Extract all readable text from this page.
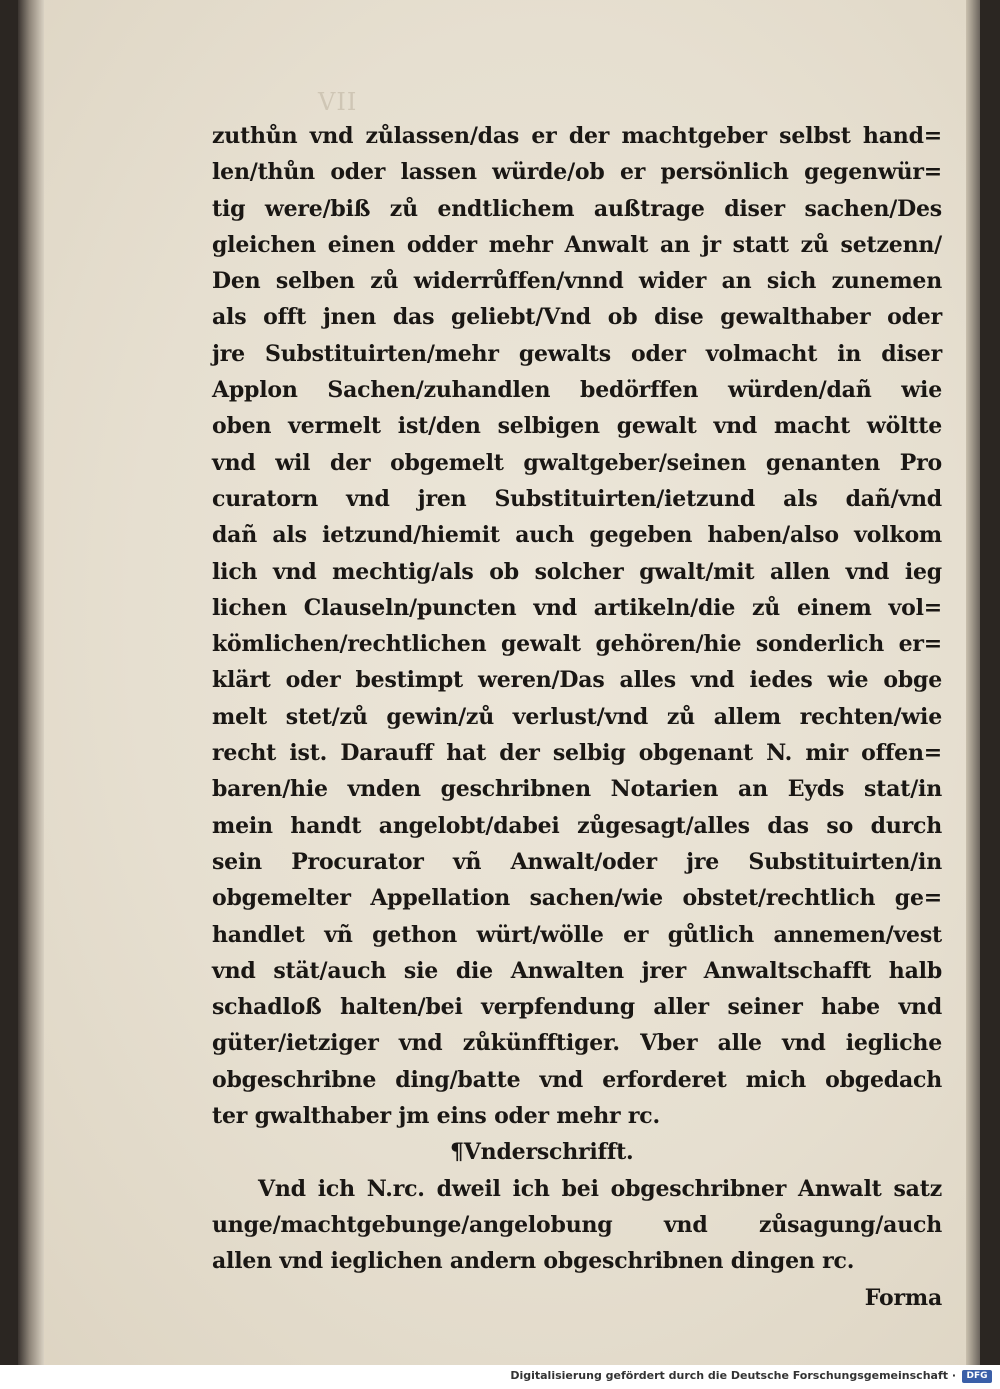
VII
zuthůn vnd zůlassen/das er der machtgeber selbst hand=
len/thůn oder lassen würde/ob er persönlich gegenwür=
tig were/biß zů endtlichem außtrage diser sachen/Des
gleichen einen odder mehr Anwalt an jr statt zů setzenn/
Den selben zů widerrůffen/vnnd wider an sich zunemen
als offt jnen das geliebt/Vnd ob dise gewalthaber oder
jre Substituirten/mehr gewalts oder volmacht in diser
Applon Sachen/zuhandlen bedörffen würden/dañ wie
oben vermelt ist/den selbigen gewalt vnd macht wöltte
vnd wil der obgemelt gwaltgeber/seinen genanten Pro
curatorn vnd jren Substituirten/ietzund als dañ/vnd
dañ als ietzund/hiemit auch gegeben haben/also volkom
lich vnd mechtig/als ob solcher gwalt/mit allen vnd ieg
lichen Clauseln/puncten vnd artikeln/die zů einem vol=
kömlichen/rechtlichen gewalt gehören/hie sonderlich er=
klärt oder bestimpt weren/Das alles vnd iedes wie obge
melt stet/zů gewin/zů verlust/vnd zů allem rechten/wie
recht ist. Darauff hat der selbig obgenant N. mir offen=
baren/hie vnden geschribnen Notarien an Eyds stat/in
mein handt angelobt/dabei zůgesagt/alles das so durch
sein Procurator vñ Anwalt/oder jre Substituirten/in
obgemelter Appellation sachen/wie obstet/rechtlich ge=
handlet vñ gethon würt/wölle er gůtlich annemen/vest
vnd stät/auch sie die Anwalten jrer Anwaltschafft halb
schadloß halten/bei verpfendung aller seiner habe vnd
güter/ietziger vnd zůkünfftiger. Vber alle vnd iegliche
obgeschribne ding/batte vnd erforderet mich obgedach
ter gwalthaber jm eins oder mehr rc.
¶Vnderschrifft.
Vnd ich N.rc. dweil ich bei obgeschribner Anwalt satz
unge/machtgebunge/angelobung vnd zůsagung/auch
allen vnd ieglichen andern obgeschribnen dingen rc.
Forma
Digitalisierung gefördert durch die Deutsche Forschungsgemeinschaft ·	DFG
